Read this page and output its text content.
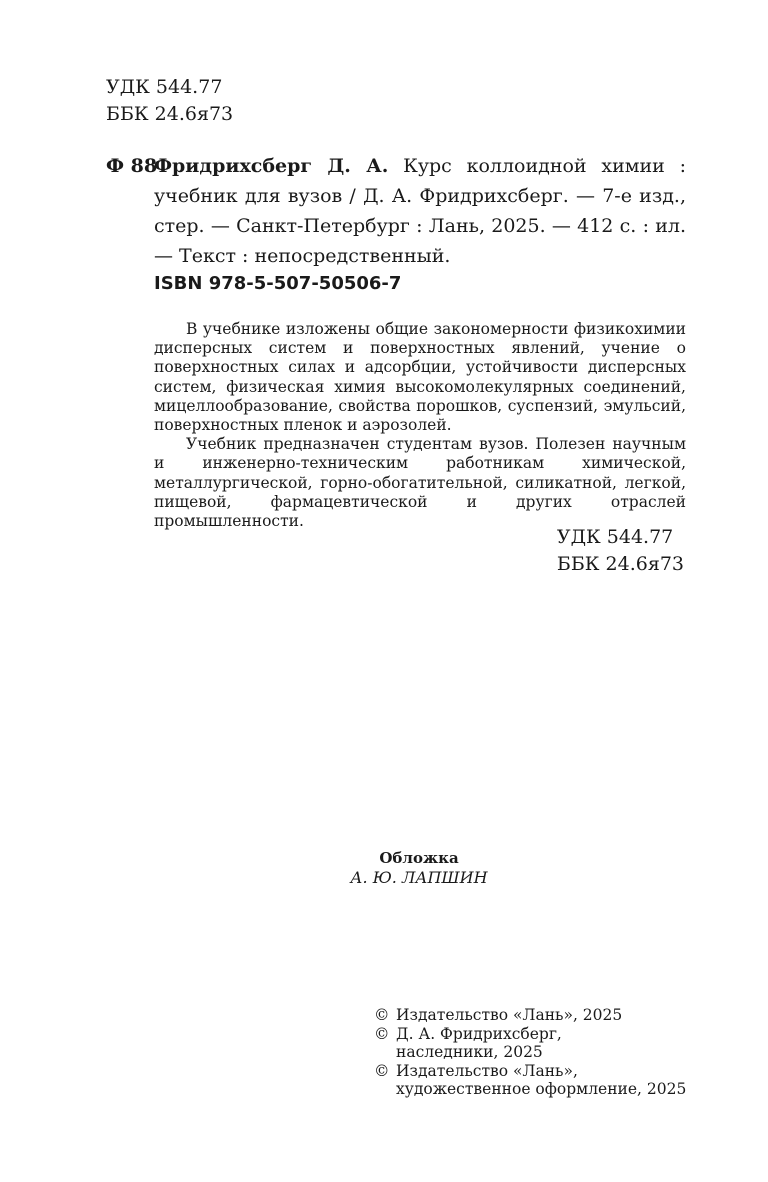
УДК 544.77
ББК 24.6я73
Ф 88
Фридрихсберг Д. А. Курс коллоидной химии : учебник для вузов / Д. А. Фридрихсберг. — 7-е изд., стер. — Санкт-Петербург : Лань, 2025. — 412 с. : ил. — Текст : непосредственный.
ISBN 978-5-507-50506-7

В учебнике изложены общие закономерности физикохимии дисперсных систем и поверхностных явлений, учение о поверхностных силах и адсорбции, устойчивости дисперсных систем, физическая химия высокомолекулярных соединений, мицеллообразование, свойства порошков, суспензий, эмульсий, поверхностных пленок и аэрозолей.

Учебник предназначен студентам вузов. Полезен научным и инженерно-техническим работникам химической, металлургической, горно-обогатительной, силикатной, легкой, пищевой, фармацевтической и других отраслей промышленности.

УДК 544.77
ББК 24.6я73
Обложка
А. Ю. ЛАПШИН
© Издательство «Лань», 2025
© Д. А. Фридрихсберг,
наследники, 2025
© Издательство «Лань»,
художественное оформление, 2025
